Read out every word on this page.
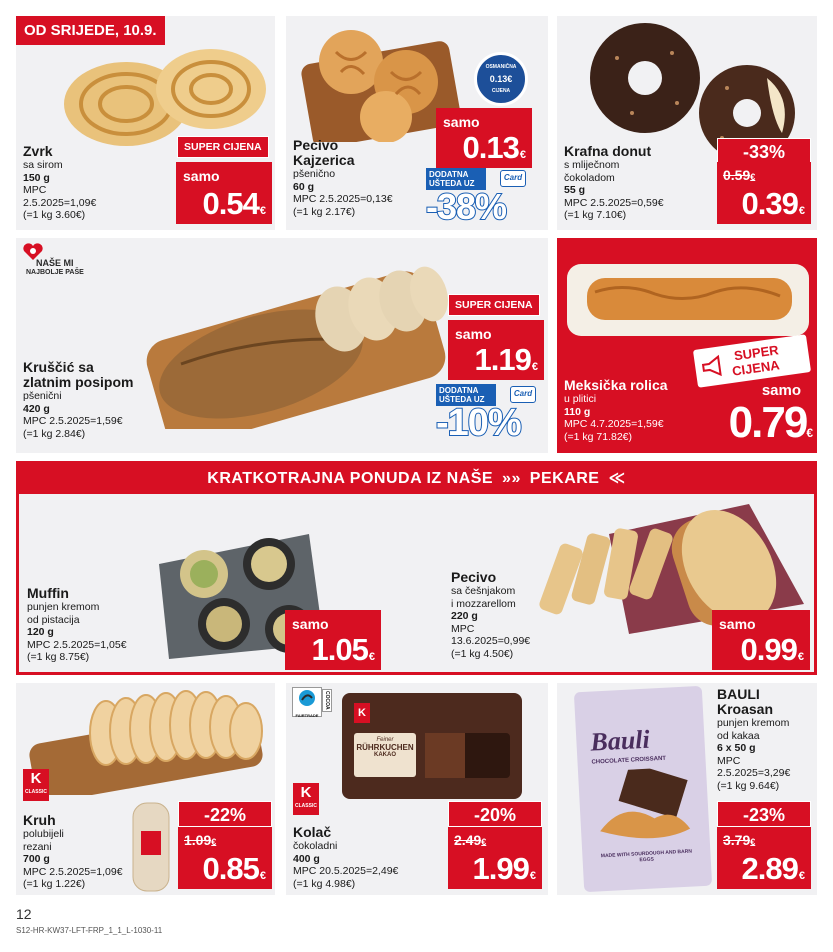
OD SRIJEDE, 10.9.
Zvrk
sa sirom
150 g
MPC
2.5.2025=1,09€
(=1 kg 3.60€)
SUPER CIJENA
samo
0.54€
OSMANIČNA
0.13€
CIJENA
Pecivo
Kajzerica
pšenično
60 g
MPC 2.5.2025=0,13€
(=1 kg 2.17€)
samo
0.13€
DODATNA UŠTEDA UZ
Card
-38%
Krafna donut
s mliječnom
čokoladom
55 g
MPC 2.5.2025=0,59€
(=1 kg 7.10€)
-33%
0.59€
0.39€
NAŠE MI
NAJBOLJE PAŠE
Kruščić sa
zlatnim posipom
pšenični
420 g
MPC 2.5.2025=1,59€
(=1 kg 2.84€)
SUPER CIJENA
samo
1.19€
DODATNA UŠTEDA UZ
Card
-10%
SUPER
CIJENA
Meksička rolica
u plitici
110 g
MPC 4.7.2025=1,59€
(=1 kg 71.82€)
samo
0.79€
KRATKOTRAJNA PONUDA IZ NAŠE »» PEKARE ≪
Muffin
punjen kremom
od pistacija
120 g
MPC 2.5.2025=1,05€
(=1 kg 8.75€)
samo
1.05€
Pecivo
sa češnjakom
i mozzarellom
220 g
MPC
13.6.2025=0,99€
(=1 kg 4.50€)
samo
0.99€
K
CLASSIC
Kruh
polubijeli
rezani
700 g
MPC 2.5.2025=1,09€
(=1 kg 1.22€)
-22%
1.09€
0.85€
FAIRTRADE
COCOA
K
Feiner
RÜHRKUCHEN
KAKAO
K
CLASSIC
Kolač
čokoladni
400 g
MPC 20.5.2025=2,49€
(=1 kg 4.98€)
-20%
2.49€
1.99€
Bauli
CHOCOLATE CROISSANT
MADE WITH SOURDOUGH AND BARN EGGS
BAULI
Kroasan
punjen kremom
od kakaa
6 x 50 g
MPC
2.5.2025=3,29€
(=1 kg 9.64€)
-23%
3.79€
2.89€
12
S12-HR-KW37-LFT-FRP_1_1_L-1030-11
